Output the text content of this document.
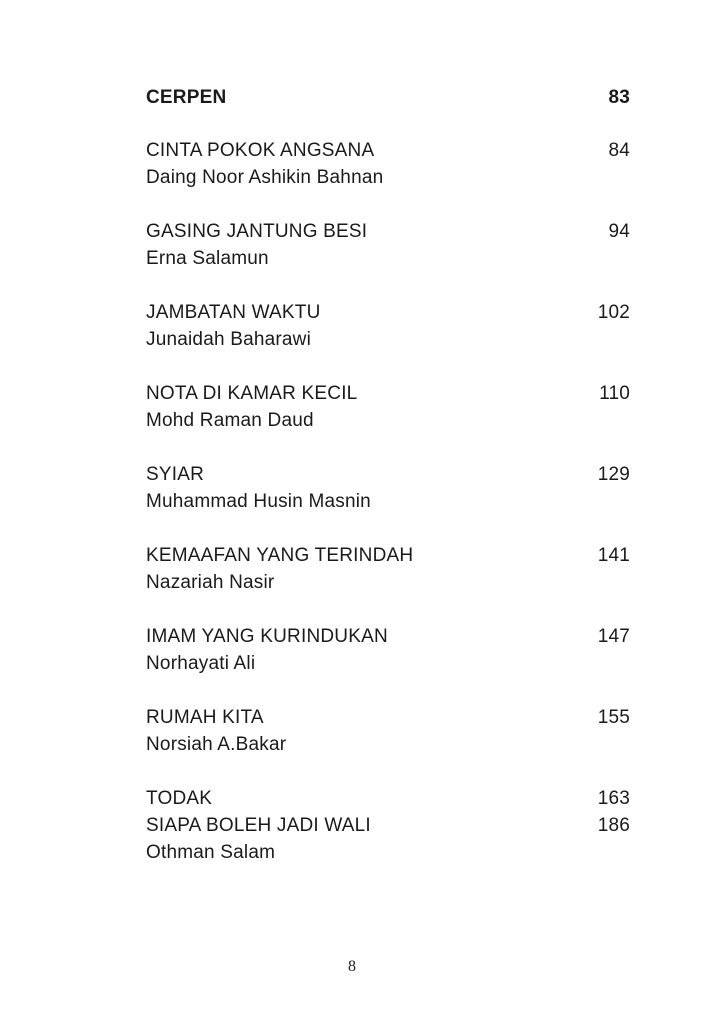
CERPEN	83
CINTA POKOK ANGSANA	84
Daing Noor Ashikin Bahnan
GASING JANTUNG BESI	94
Erna Salamun
JAMBATAN WAKTU	102
Junaidah Baharawi
NOTA DI KAMAR KECIL	110
Mohd Raman Daud
SYIAR	129
Muhammad Husin Masnin
KEMAAFAN YANG TERINDAH	141
Nazariah Nasir
IMAM YANG KURINDUKAN	147
Norhayati Ali
RUMAH KITA	155
Norsiah A.Bakar
TODAK	163
SIAPA BOLEH JADI WALI	186
Othman Salam
8
